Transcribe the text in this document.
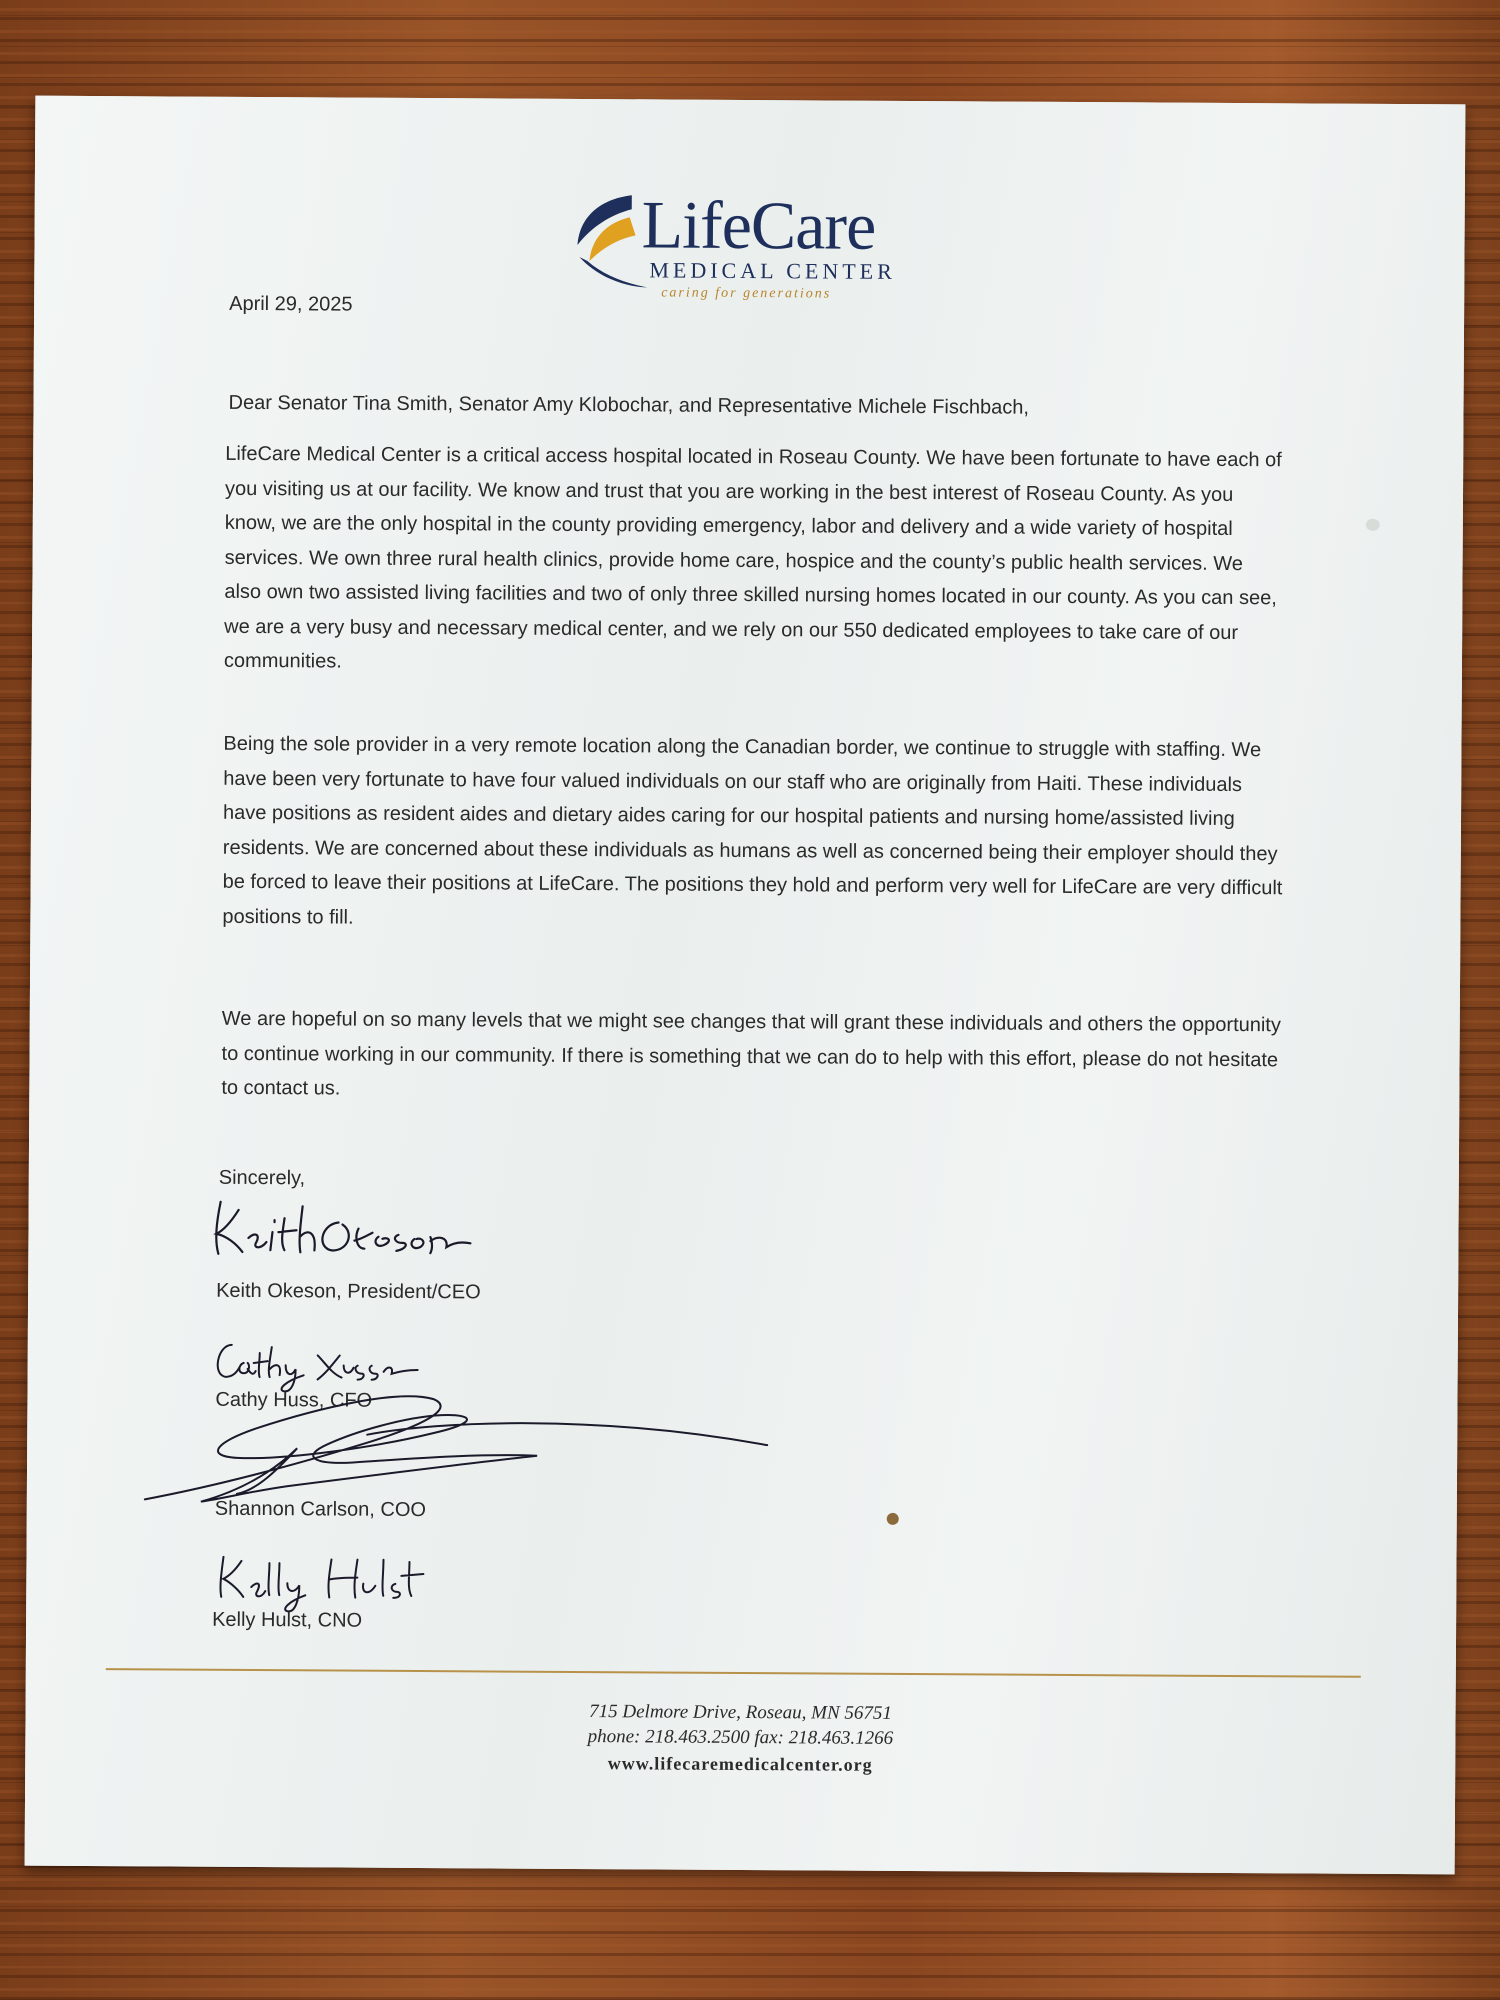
LifeCare
MEDICAL CENTER
caring for generations
April 29, 2025
Dear Senator Tina Smith, Senator Amy Klobochar, and Representative Michele Fischbach,
LifeCare Medical Center is a critical access hospital located in Roseau County. We have been fortunate to have each of you visiting us at our facility. We know and trust that you are working in the best interest of Roseau County. As you know, we are the only hospital in the county providing emergency, labor and delivery and a wide variety of hospital services. We own three rural health clinics, provide home care, hospice and the county’s public health services. We also own two assisted living facilities and two of only three skilled nursing homes located in our county. As you can see, we are a very busy and necessary medical center, and we rely on our 550 dedicated employees to take care of our communities.
Being the sole provider in a very remote location along the Canadian border, we continue to struggle with staffing. We have been very fortunate to have four valued individuals on our staff who are originally from Haiti. These individuals have positions as resident aides and dietary aides caring for our hospital patients and nursing home/assisted living residents. We are concerned about these individuals as humans as well as concerned being their employer should they be forced to leave their positions at LifeCare. The positions they hold and perform very well for LifeCare are very difficult positions to fill.
We are hopeful on so many levels that we might see changes that will grant these individuals and others the opportunity to continue working in our community. If there is something that we can do to help with this effort, please do not hesitate to contact us.
Sincerely,
Keith Okeson, President/CEO
Cathy Huss, CFO
Shannon Carlson, COO
Kelly Hulst, CNO
715 Delmore Drive, Roseau, MN 56751
phone: 218.463.2500 fax: 218.463.1266
www.lifecaremedicalcenter.org
